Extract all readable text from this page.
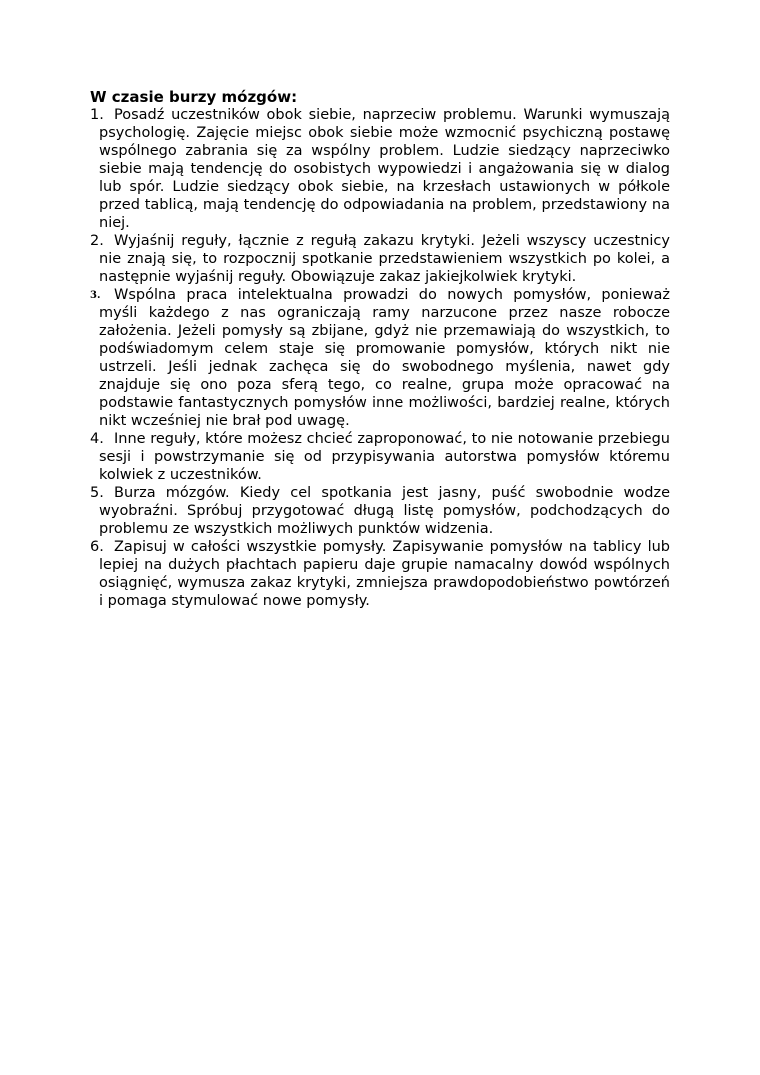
W czasie burzy mózgów:

1. Posadź uczestników obok siebie, naprzeciw problemu. Warunki wymuszają psychologię. Zajęcie miejsc obok siebie może wzmocnić psychiczną postawę wspólnego zabrania się za wspólny problem. Ludzie siedzący naprzeciwko siebie mają tendencję do osobistych wypowiedzi i angażowania się w dialog lub spór. Ludzie siedzący obok siebie, na krzesłach ustawionych w półkole przed tablicą, mają tendencję do odpowiadania na problem, przedstawiony na niej.
2. Wyjaśnij reguły, łącznie z regułą zakazu krytyki. Jeżeli wszyscy uczestnicy nie znają się, to rozpocznij spotkanie przedstawieniem wszystkich po kolei, a następnie wyjaśnij reguły. Obowiązuje zakaz jakiejkolwiek krytyki.
3. Wspólna praca intelektualna prowadzi do nowych pomysłów, ponieważ myśli każdego z nas ograniczają ramy narzucone przez nasze robocze założenia. Jeżeli pomysły są zbijane, gdyż nie przemawiają do wszystkich, to podświadomym celem staje się promowanie pomysłów, których nikt nie ustrzeli. Jeśli jednak zachęca się do swobodnego myślenia, nawet gdy znajduje się ono poza sferą tego, co realne, grupa może opracować na podstawie fantastycznych pomysłów inne możliwości, bardziej realne, których nikt wcześniej nie brał pod uwagę.
4. Inne reguły, które możesz chcieć zaproponować, to nie notowanie przebiegu sesji i powstrzymanie się od przypisywania autorstwa pomysłów któremu kolwiek z uczestników.
5. Burza mózgów. Kiedy cel spotkania jest jasny, puść swobodnie wodze wyobraźni. Spróbuj przygotować długą listę pomysłów, podchodzących do problemu ze wszystkich możliwych punktów widzenia.
6. Zapisuj w całości wszystkie pomysły. Zapisywanie pomysłów na tablicy lub lepiej na dużych płachtach papieru daje grupie namacalny dowód wspólnych osiągnięć, wymusza zakaz krytyki, zmniejsza prawdopodobieństwo powtórzeń i pomaga stymulować nowe pomysły.
